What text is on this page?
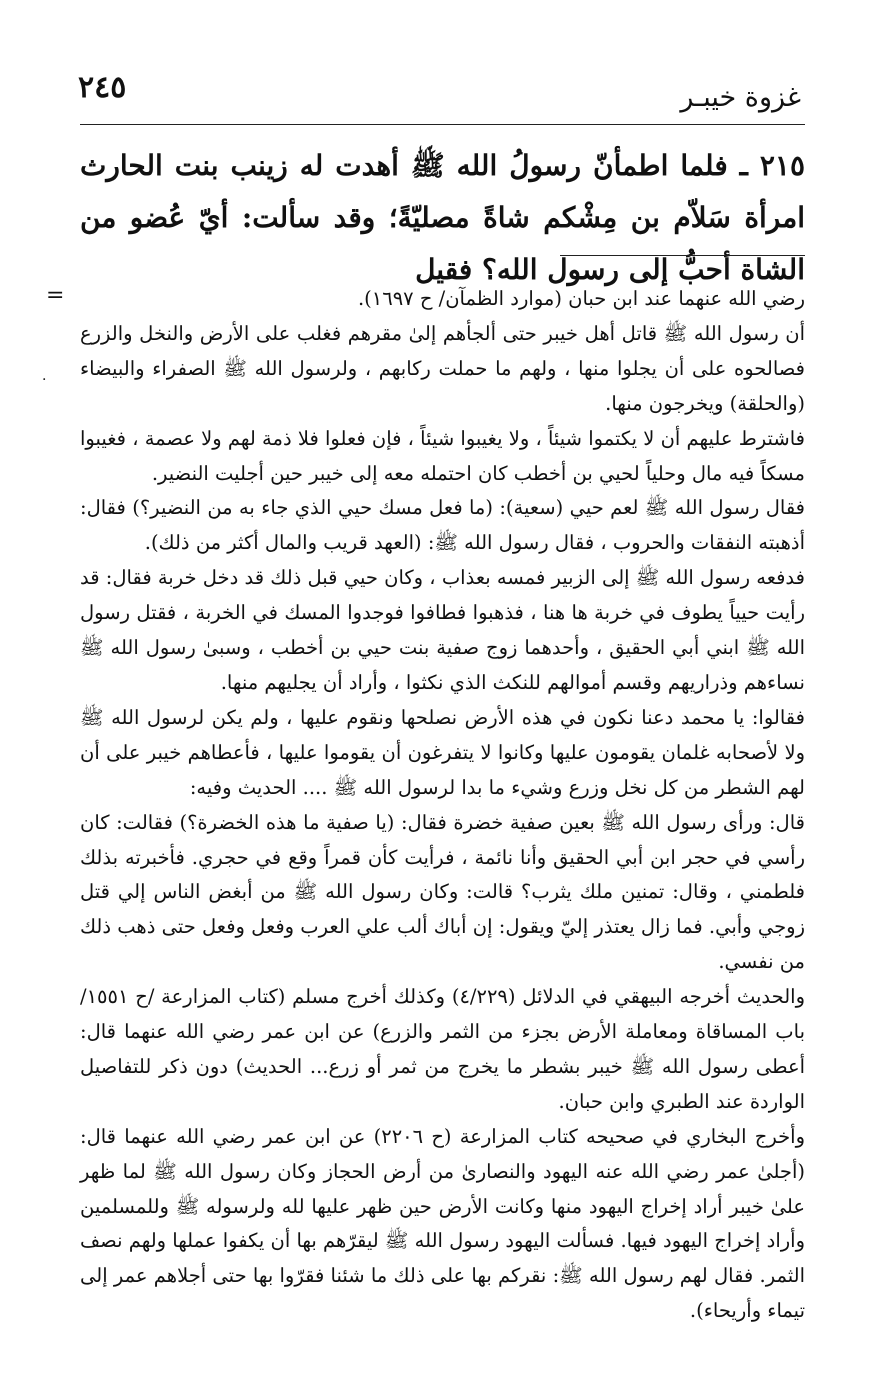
٢٤٥	غزوة خيبـر

٢١٥ ـ فلما اطمأنّ رسولُ الله ﷺ أهدت له زينب بنت الحارث امرأة سَلاّم بن مِشْكم شاةً مصليّةً؛ وقد سألت: أيّ عُضو من الشاة أحبُّ إلى رسول الله؟ فقيل

=
·

رضي الله عنهما عند ابن حبان (موارد الظمآن/ ح ١٦٩٧).

أن رسول الله ﷺ قاتل أهل خيبر حتى ألجأهم إلىٰ مقرهم فغلب على الأرض والنخل والزرع فصالحوه على أن يجلوا منها ، ولهم ما حملت ركابهم ، ولرسول الله ﷺ الصفراء والبيضاء (والحلقة) ويخرجون منها.

فاشترط عليهم أن لا يكتموا شيئاً ، ولا يغيبوا شيئاً ، فإن فعلوا فلا ذمة لهم ولا عصمة ، فغيبوا مسكاً فيه مال وحلياً لحيي بن أخطب كان احتمله معه إلى خيبر حين أجليت النضير.

فقال رسول الله ﷺ لعم حيي (سعية): (ما فعل مسك حيي الذي جاء به من النضير؟) فقال: أذهبته النفقات والحروب ، فقال رسول الله ﷺ: (العهد قريب والمال أكثر من ذلك).

فدفعه رسول الله ﷺ إلى الزبير فمسه بعذاب ، وكان حيي قبل ذلك قد دخل خربة فقال: قد رأيت حيياً يطوف في خربة ها هنا ، فذهبوا فطافوا فوجدوا المسك في الخربة ، فقتل رسول الله ﷺ ابني أبي الحقيق ، وأحدهما زوج صفية بنت حيي بن أخطب ، وسبىٰ رسول الله ﷺ نساءهم وذراريهم وقسم أموالهم للنكث الذي نكثوا ، وأراد أن يجليهم منها.

فقالوا: يا محمد دعنا نكون في هذه الأرض نصلحها ونقوم عليها ، ولم يكن لرسول الله ﷺ ولا لأصحابه غلمان يقومون عليها وكانوا لا يتفرغون أن يقوموا عليها ، فأعطاهم خيبر على أن لهم الشطر من كل نخل وزرع وشيء ما بدا لرسول الله ﷺ .... الحديث وفيه:

قال: ورأى رسول الله ﷺ بعين صفية خضرة فقال: (يا صفية ما هذه الخضرة؟) فقالت: كان رأسي في حجر ابن أبي الحقيق وأنا نائمة ، فرأيت كأن قمراً وقع في حجري. فأخبرته بذلك فلطمني ، وقال: تمنين ملك يثرب؟ قالت: وكان رسول الله ﷺ من أبغض الناس إلي قتل زوجي وأبي. فما زال يعتذر إليّ ويقول: إن أباك ألب علي العرب وفعل وفعل حتى ذهب ذلك من نفسي.

والحديث أخرجه البيهقي في الدلائل (٤/٢٢٩) وكذلك أخرج مسلم (كتاب المزارعة /ح ١٥٥١/ باب المساقاة ومعاملة الأرض بجزء من الثمر والزرع) عن ابن عمر رضي الله عنهما قال: أعطى رسول الله ﷺ خيبر بشطر ما يخرج من ثمر أو زرع... الحديث) دون ذكر للتفاصيل الواردة عند الطبري وابن حبان.

وأخرج البخاري في صحيحه كتاب المزارعة (ح ٢٢٠٦) عن ابن عمر رضي الله عنهما قال: (أجلىٰ عمر رضي الله عنه اليهود والنصارىٰ من أرض الحجاز وكان رسول الله ﷺ لما ظهر علىٰ خيبر أراد إخراج اليهود منها وكانت الأرض حين ظهر عليها لله ولرسوله ﷺ وللمسلمين وأراد إخراج اليهود فيها. فسألت اليهود رسول الله ﷺ ليقرّهم بها أن يكفوا عملها ولهم نصف الثمر. فقال لهم رسول الله ﷺ: نقركم بها على ذلك ما شئنا فقرّوا بها حتى أجلاهم عمر إلى تيماء وأريحاء).
